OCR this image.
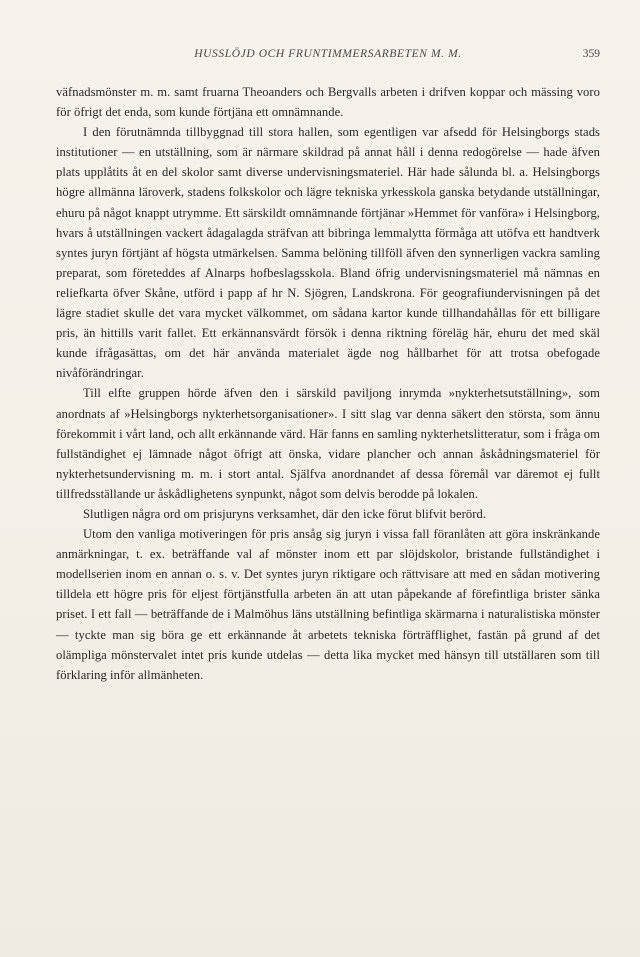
HUSSLÖJD OCH FRUNTIMMERSARBETEN M. M.	359

väfnadsmönster m. m. samt fruarna Theoanders och Bergvalls arbeten i drifven koppar och mässing voro för öfrigt det enda, som kunde förtjäna ett omnämnande.

I den förutnämnda tillbyggnad till stora hallen, som egentligen var afsedd för Helsingborgs stads institutioner — en utställning, som är närmare skildrad på annat håll i denna redogörelse — hade äfven plats upplåtits åt en del skolor samt diverse undervisningsmateriel. Här hade sålunda bl. a. Helsingborgs högre allmänna läroverk, stadens folkskolor och lägre tekniska yrkesskola ganska betydande utställningar, ehuru på något knappt utrymme. Ett särskildt omnämnande förtjänar »Hemmet för vanföra» i Helsingborg, hvars å utställningen vackert ådagalagda sträfvan att bibringa lemmalytta förmåga att utöfva ett handtverk syntes juryn förtjänt af högsta utmärkelsen. Samma belöning tillföll äfven den synnerligen vackra samling preparat, som företeddes af Alnarps hofbeslagsskola. Bland öfrig undervisningsmateriel må nämnas en reliefkarta öfver Skåne, utförd i papp af hr N. Sjögren, Landskrona. För geografiundervisningen på det lägre stadiet skulle det vara mycket välkommet, om sådana kartor kunde tillhandahållas för ett billigare pris, än hittills varit fallet. Ett erkännansvärdt försök i denna riktning föreläg här, ehuru det med skäl kunde ifrågasättas, om det här använda materialet ägde nog hållbarhet för att trotsa obefogade nivåförändringar.

Till elfte gruppen hörde äfven den i särskild paviljong inrymda »nykterhetsutställning», som anordnats af »Helsingborgs nykterhetsorganisationer». I sitt slag var denna säkert den största, som ännu förekommit i vårt land, och allt erkännande värd. Här fanns en samling nykterhetslitteratur, som i fråga om fullständighet ej lämnade något öfrigt att önska, vidare plancher och annan åskådningsmateriel för nykterhetsundervisning m. m. i stort antal. Själfva anordnandet af dessa föremål var däremot ej fullt tillfredsställande ur åskådlighetens synpunkt, något som delvis berodde på lokalen.

Slutligen några ord om prisjuryns verksamhet, där den icke förut blifvit berörd.

Utom den vanliga motiveringen för pris ansåg sig juryn i vissa fall föranlåten att göra inskränkande anmärkningar, t. ex. beträffande val af mönster inom ett par slöjdskolor, bristande fullständighet i modellserien inom en annan o. s. v. Det syntes juryn riktigare och rättvisare att med en sådan motivering tilldela ett högre pris för eljest förtjänstfulla arbeten än att utan påpekande af förefintliga brister sänka priset. I ett fall — beträffande de i Malmöhus läns utställning befintliga skärmarna i naturalistiska mönster — tyckte man sig böra ge ett erkännande åt arbetets tekniska förträfflighet, fastän på grund af det olämpliga mönstervalet intet pris kunde utdelas — detta lika mycket med hänsyn till utställaren som till förklaring inför allmänheten.
